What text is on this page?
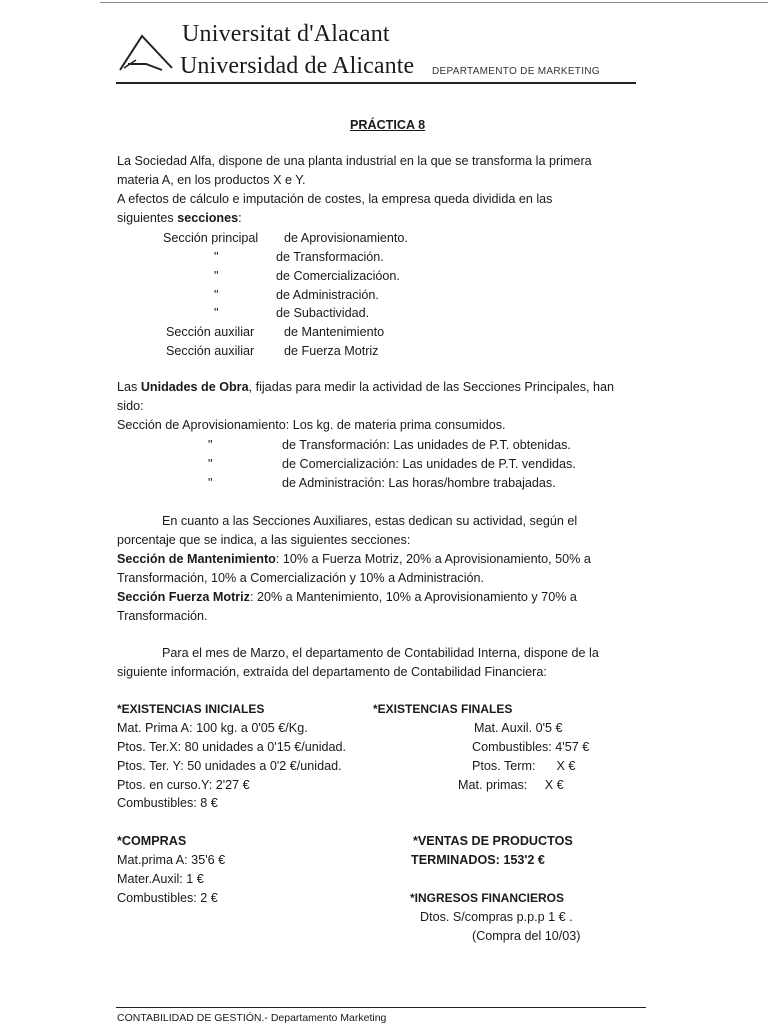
Universitat d'Alacant
Universidad de Alicante DEPARTAMENTO DE MARKETING
PRÁCTICA 8
La Sociedad Alfa, dispone de una planta industrial en la que se transforma la primera
materia A, en los productos X e Y.
A efectos de cálculo e imputación de costes, la empresa queda dividida en las
siguientes secciones:
Sección principal de Aprovisionamiento.
"	de Transformación.
"	de Comercializacióon.
"	de Administración.
"	de Subactividad.
Sección auxiliar de Mantenimiento
Sección auxiliar de Fuerza Motriz
Las Unidades de Obra, fijadas para medir la actividad de las Secciones Principales, han
sido:
Sección de Aprovisionamiento: Los kg. de materia prima consumidos.
"	de Transformación: Las unidades de P.T. obtenidas.
"	de Comercialización: Las unidades de P.T. vendidas.
"	de Administración: Las horas/hombre trabajadas.
En cuanto a las Secciones Auxiliares, estas dedican su actividad, según el
porcentaje que se indica, a las siguientes secciones:
Sección de Mantenimiento: 10% a Fuerza Motriz, 20% a Aprovisionamiento, 50% a
Transformación, 10% a Comercialización y 10% a Administración.
Sección Fuerza Motriz: 20% a Mantenimiento, 10% a Aprovisionamiento y 70% a
Transformación.
Para el mes de Marzo, el departamento de Contabilidad Interna, dispone de la
siguiente información, extraída del departamento de Contabilidad Financiera:
*EXISTENCIAS INICIALES
Mat. Prima A: 100 kg. a 0'05 €/Kg.
Ptos. Ter.X: 80 unidades a 0'15 €/unidad.
Ptos. Ter. Y: 50 unidades a 0'2 €/unidad.
Ptos. en curso.Y: 2'27 €
Combustibles: 8 €
*EXISTENCIAS FINALES
Mat. Auxil. 0'5 €
Combustibles: 4'57 €
Ptos. Term:      X €
Mat. primas:     X €
*COMPRAS
Mat.prima A: 35'6 €
Mater.Auxil: 1 €
Combustibles: 2 €
*VENTAS DE PRODUCTOS
TERMINADOS: 153'2 €
*INGRESOS FINANCIEROS
Dtos. S/compras p.p.p 1 € .
(Compra del 10/03)
CONTABILIDAD DE GESTIÓN.- Departamento Marketing
